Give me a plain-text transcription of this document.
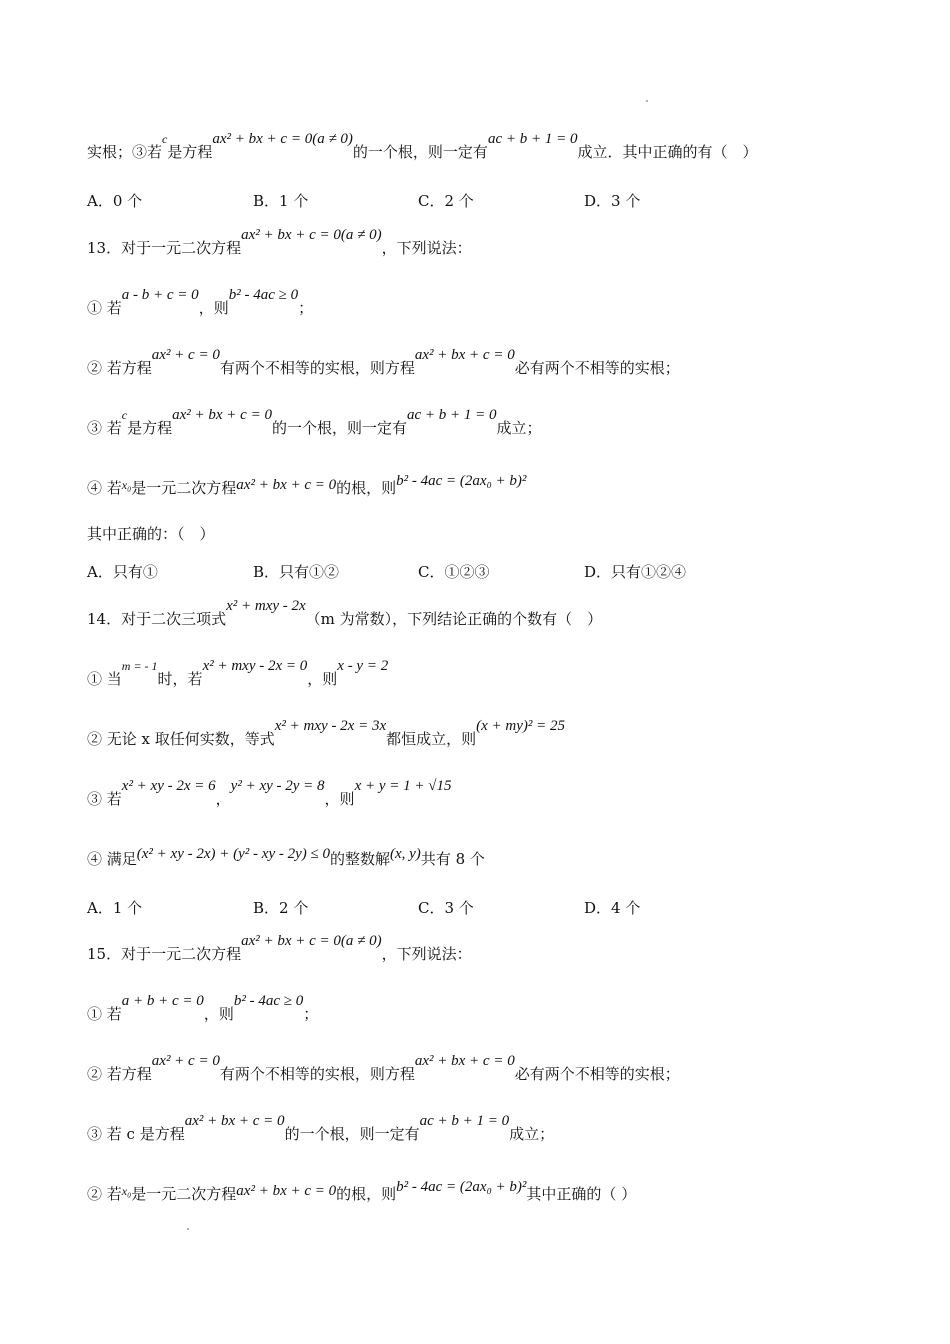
实根；③若$^c$是方程ax² + bx + c = 0(a ≠ 0)的一个根，则一定有ac + b + 1 = 0成立．其中正确的有（　）
A．0 个	B．1 个	C．2 个	D．3 个
13．对于一元二次方程ax² + bx + c = 0(a ≠ 0)，下列说法：
① 若a - b + c = 0，则b² - 4ac ≥ 0；
② 若方程ax² + c = 0有两个不相等的实根，则方程ax² + bx + c = 0必有两个不相等的实根；
③ 若$^c$是方程ax² + bx + c = 0的一个根，则一定有ac + b + 1 = 0成立；
④ 若$^{x_0}$是一元二次方程ax² + bx + c = 0的根，则b² - 4ac = (2ax₀ + b)²
其中正确的：（　）
A．只有①	B．只有①②	C．①②③	D．只有①②④
14．对于二次三项式x² + mxy - 2x（m 为常数），下列结论正确的个数有（　）
① 当$^{m = - 1}$时，若x² + mxy - 2x = 0，则x - y = 2
② 无论 x 取任何实数，等式x² + mxy - 2x = 3x都恒成立，则(x + my)² = 25
③ 若x² + xy - 2x = 6，y² + xy - 2y = 8，则x + y = 1 + √15
④ 满足(x² + xy - 2x) + (y² - xy - 2y) ≤ 0的整数解(x, y)共有 8 个
A．1 个	B．2 个	C．3 个	D．4 个
15．对于一元二次方程ax² + bx + c = 0(a ≠ 0)，下列说法：
① 若a + b + c = 0，则b² - 4ac ≥ 0；
② 若方程ax² + c = 0有两个不相等的实根，则方程ax² + bx + c = 0必有两个不相等的实根；
③ 若 c 是方程ax² + bx + c = 0的一个根，则一定有ac + b + 1 = 0成立；
② 若$^{x_0}$是一元二次方程ax² + bx + c = 0的根，则b² - 4ac = (2ax₀ + b)²其中正确的（ ）
